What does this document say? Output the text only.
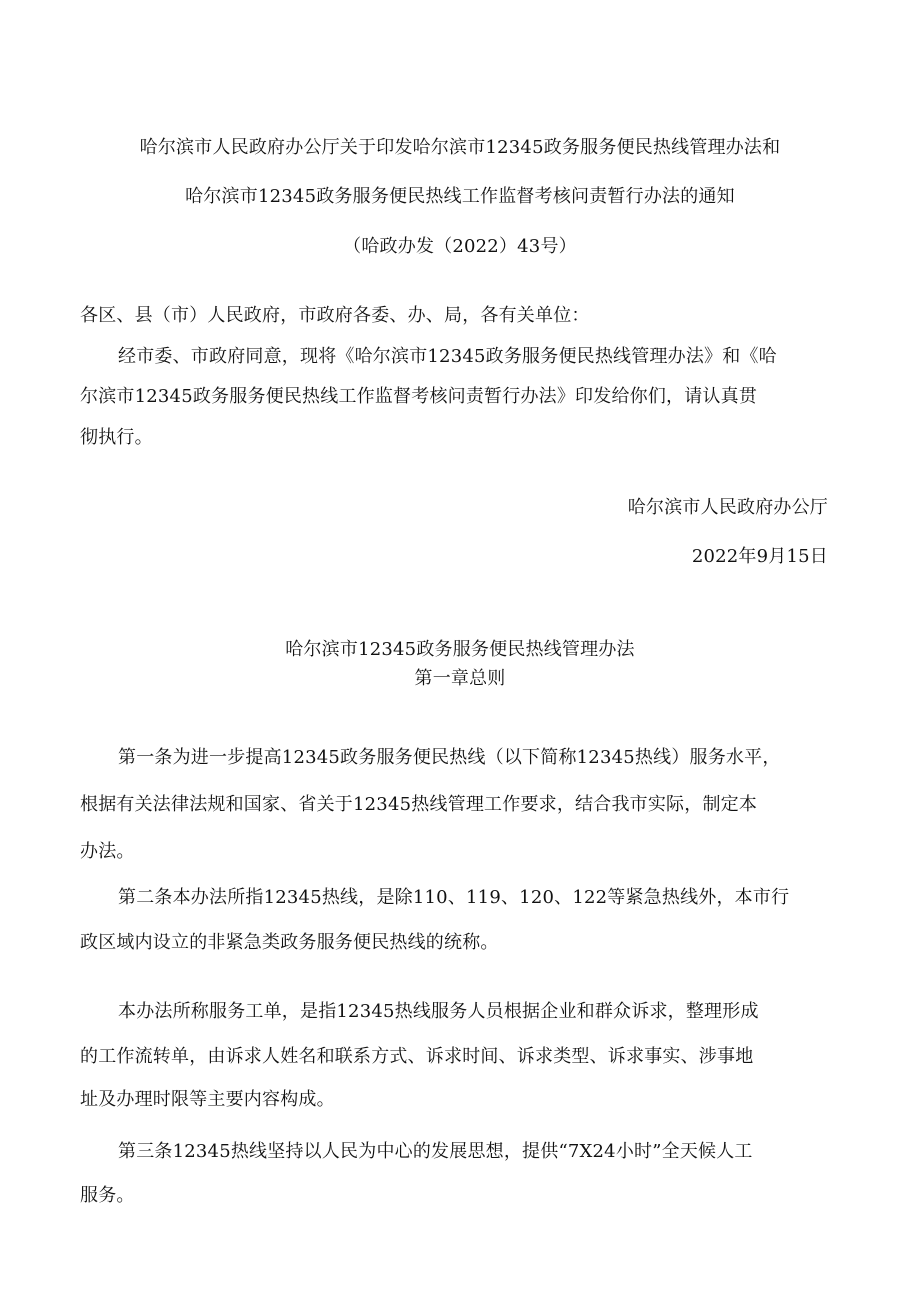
哈尔滨市人民政府办公厅关于印发哈尔滨市12345政务服务便民热线管理办法和
哈尔滨市12345政务服务便民热线工作监督考核问责暂行办法的通知
（哈政办发（2022）43号）
各区、县（市）人民政府，市政府各委、办、局，各有关单位：
经市委、市政府同意，现将《哈尔滨市12345政务服务便民热线管理办法》和《哈
尔滨市12345政务服务便民热线工作监督考核问责暂行办法》印发给你们，请认真贯
彻执行。
哈尔滨市人民政府办公厅
2022年9月15日
哈尔滨市12345政务服务便民热线管理办法
第一章总则
第一条为进一步提高12345政务服务便民热线（以下简称12345热线）服务水平，
根据有关法律法规和国家、省关于12345热线管理工作要求，结合我市实际，制定本
办法。
第二条本办法所指12345热线，是除110、119、120、122等紧急热线外，本市行
政区域内设立的非紧急类政务服务便民热线的统称。
本办法所称服务工单，是指12345热线服务人员根据企业和群众诉求，整理形成
的工作流转单，由诉求人姓名和联系方式、诉求时间、诉求类型、诉求事实、涉事地
址及办理时限等主要内容构成。
第三条12345热线坚持以人民为中心的发展思想，提供“7X24小时”全天候人工
服务。
